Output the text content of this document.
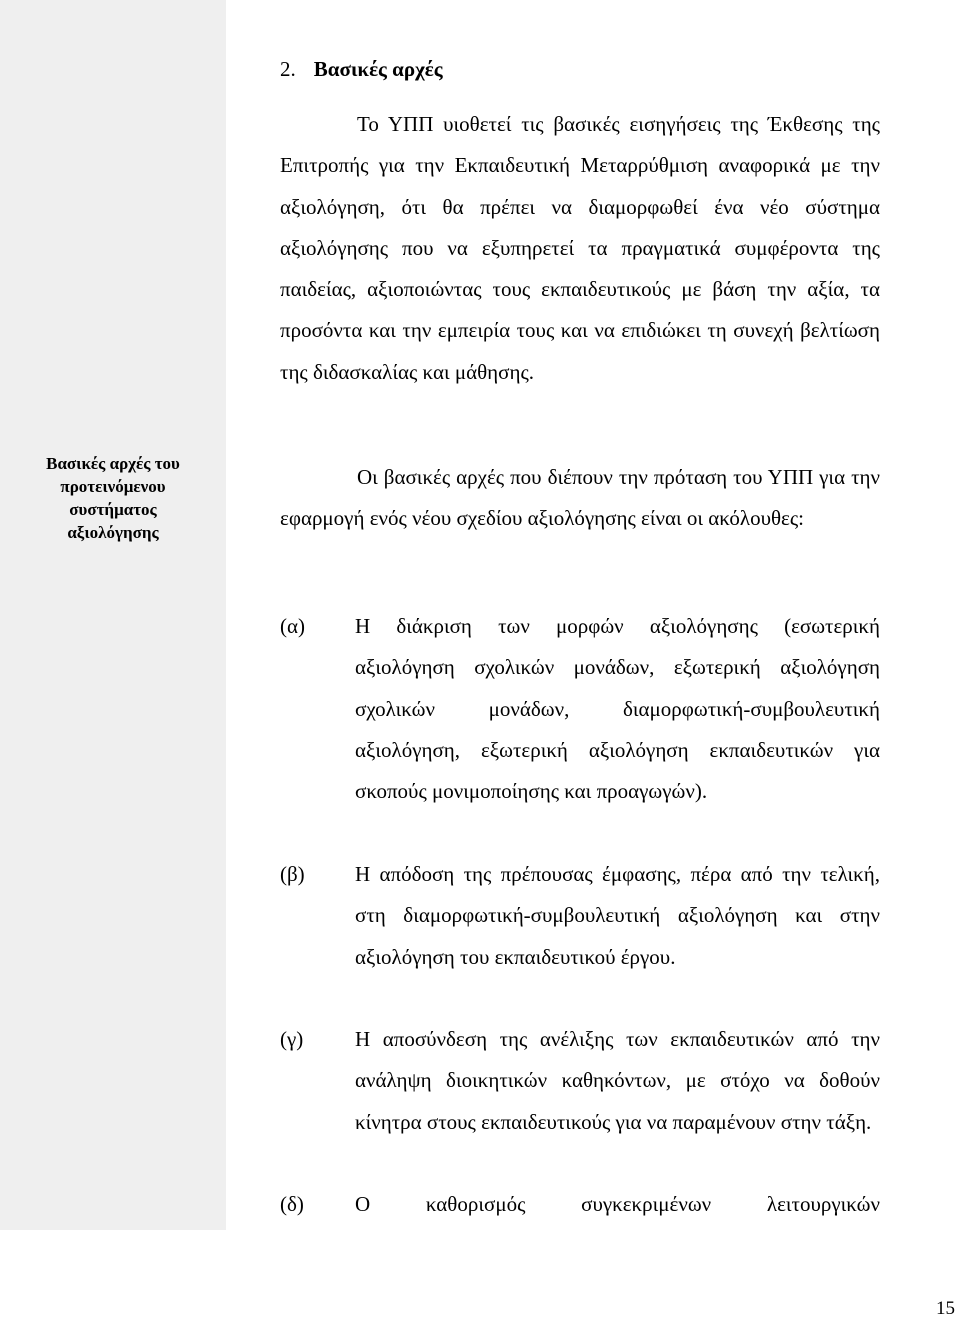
Βασικές αρχές του
προτεινόμενου
συστήματος
αξιολόγησης
2. Βασικές αρχές

Το ΥΠΠ υιοθετεί τις βασικές εισηγήσεις της Έκθεσης της Επιτροπής για την Εκπαιδευτική Μεταρρύθμιση αναφορικά με την αξιολόγηση, ότι θα πρέπει να διαμορφωθεί ένα νέο σύστημα αξιολόγησης που να εξυπηρετεί τα πραγματικά συμφέροντα της παιδείας, αξιοποιώντας τους εκπαιδευτικούς με βάση την αξία, τα προσόντα και την εμπειρία τους και να επιδιώκει τη συνεχή βελτίωση της διδασκαλίας και μάθησης.

Οι βασικές αρχές που διέπουν την πρόταση του ΥΠΠ για την εφαρμογή ενός νέου σχεδίου αξιολόγησης είναι οι ακόλουθες:

(α) Η διάκριση των μορφών αξιολόγησης (εσωτερική αξιολόγηση σχολικών μονάδων, εξωτερική αξιολόγηση σχολικών μονάδων, διαμορφωτική-συμβουλευτική αξιολόγηση, εξωτερική αξιολόγηση εκπαιδευτικών για σκοπούς μονιμοποίησης και προαγωγών).

(β) Η απόδοση της πρέπουσας έμφασης, πέρα από την τελική, στη διαμορφωτική-συμβουλευτική αξιολόγηση και στην αξιολόγηση του εκπαιδευτικού έργου.

(γ) Η αποσύνδεση της ανέλιξης των εκπαιδευτικών από την ανάληψη διοικητικών καθηκόντων, με στόχο να δοθούν κίνητρα στους εκπαιδευτικούς για να παραμένουν στην τάξη.

(δ) Ο καθορισμός συγκεκριμένων λειτουργικών

15
